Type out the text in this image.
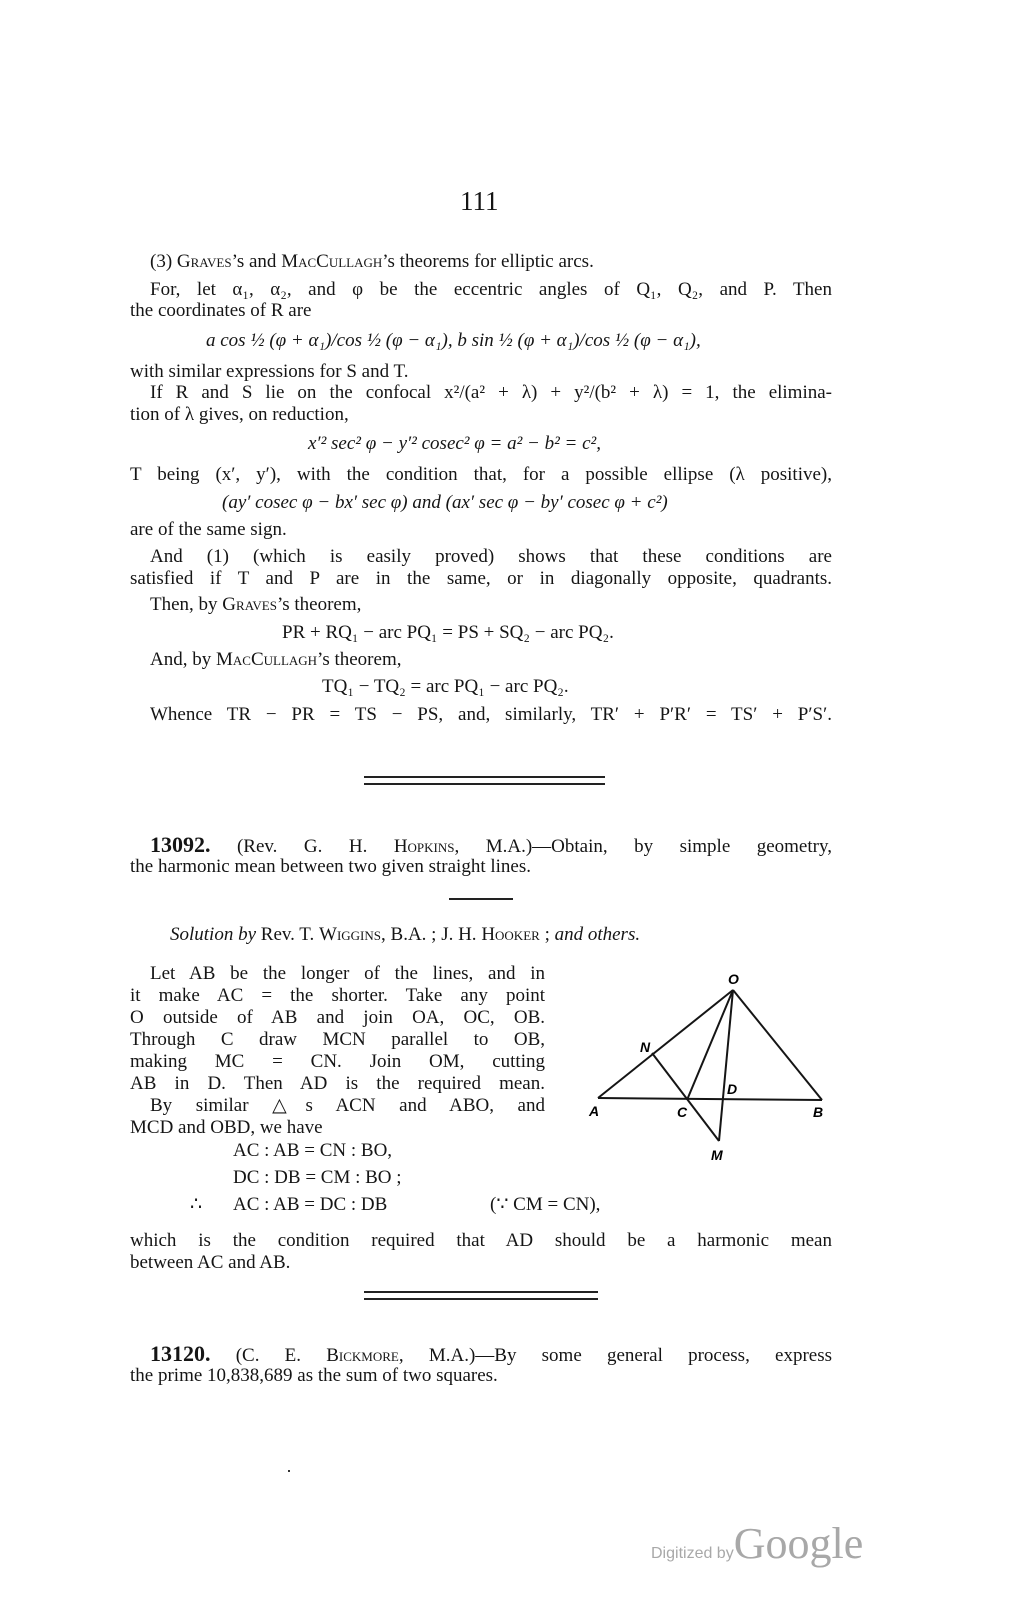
111
(3) Graves’s and MacCullagh’s theorems for elliptic arcs.
For, let α₁, α₂, and φ be the eccentric angles of Q₁, Q₂, and P. Then
the coordinates of R are
a cos ½ (φ + α₁)/cos ½ (φ − α₁), b sin ½ (φ + α₁)/cos ½ (φ − α₁),
with similar expressions for S and T.
If R and S lie on the confocal x²/(a² + λ) + y²/(b² + λ) = 1, the elimina-
tion of λ gives, on reduction,
x′² sec² φ − y′² cosec² φ = a² − b² = c²,
T being (x′, y′), with the condition that, for a possible ellipse (λ positive),
(ay′ cosec φ − bx′ sec φ) and (ax′ sec φ − by′ cosec φ + c²)
are of the same sign.
And (1) (which is easily proved) shows that these conditions are
satisfied if T and P are in the same, or in diagonally opposite, quadrants.
Then, by Graves’s theorem,
PR + RQ₁ − arc PQ₁ = PS + SQ₂ − arc PQ₂.
And, by MacCullagh’s theorem,
TQ₁ − TQ₂ = arc PQ₁ − arc PQ₂.
Whence TR − PR = TS − PS, and, similarly, TR′ + P′R′ = TS′ + P′S′.
13092. (Rev. G. H. Hopkins, M.A.)—Obtain, by simple geometry,
the harmonic mean between two given straight lines.
Solution by Rev. T. Wiggins, B.A. ; J. H. Hooker ; and others.
Let AB be the longer of the lines, and in
it make AC = the shorter. Take any point
O outside of AB and join OA, OC, OB.
Through C draw MCN parallel to OB,
making MC = CN. Join OM, cutting
AB in D. Then AD is the required mean.
By similar △s ACN and ABO, and
MCD and OBD, we have
AC : AB = CN : BO,
DC : DB = CM : BO ;
∴ AC : AB = DC : DB	(∵ CM = CN),
which is the condition required that AD should be a harmonic mean
between AC and AB.
O
N
D
A	C	B
M
13120. (C. E. Bickmore, M.A.)—By some general process, express
the prime 10,838,689 as the sum of two squares.
Digitized byGoogle
